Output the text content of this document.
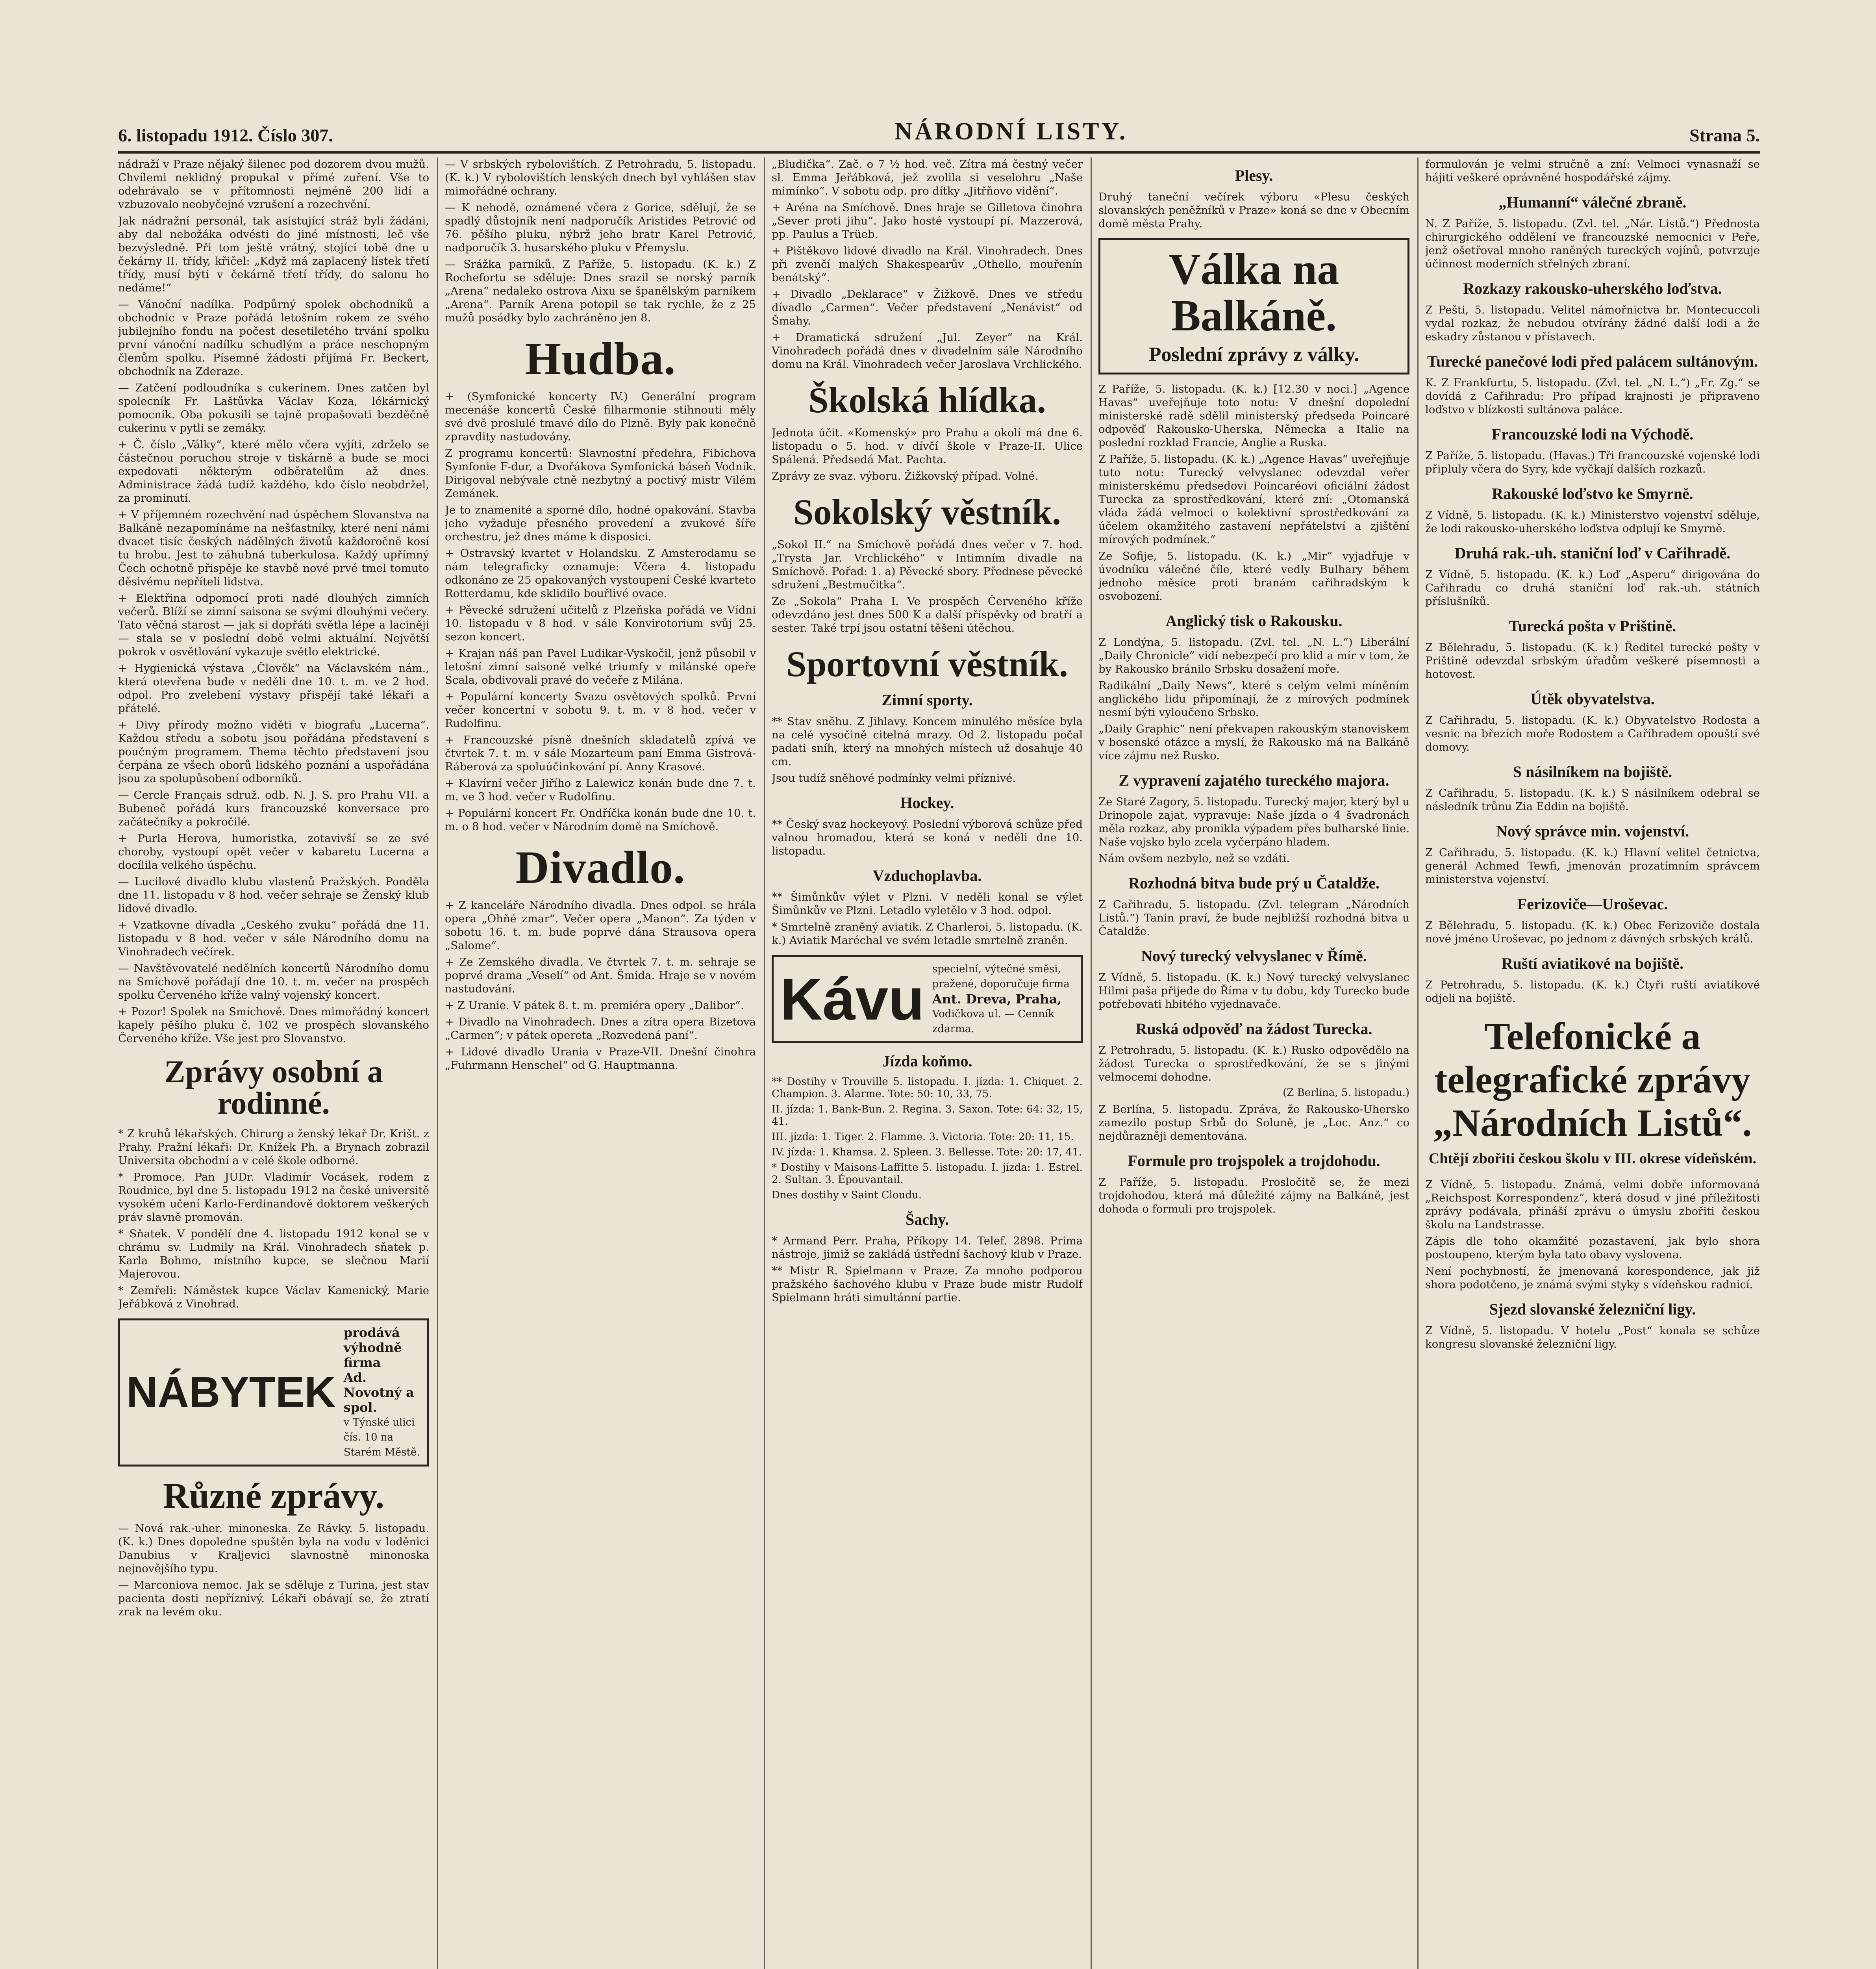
6. listopadu 1912. Číslo 307.	NÁRODNÍ LISTY.	Strana 5.

nádraží v Praze nějaký šilenec pod dozorem dvou mužů. Chvílemi neklidný propukal v přímé zuření. Vše to odehrávalo se v přítomnosti nejméně 200 lidí a vzbuzovalo neobyčejné vzrušení a rozechvění.

Jak nádražní personál, tak asistující stráž byli žádáni, aby dal nebožáka odvésti do jiné místnosti, leč vše bezvýsledně. Při tom ještě vrátný, stojící tobě dne u čekárny II. třídy, křičel: „Když má zaplacený lístek třetí třídy, musí býti v čekárně třetí třídy, do salonu ho nedáme!“

— Vánoční nadílka. Podpůrný spolek obchodníků a obchodnic v Praze pořádá letošním rokem ze svého jubilejního fondu na počest desetiletého trvání spolku první vánoční nadílku schudlým a práce neschopným členům spolku. Písemné žádosti přijímá Fr. Beckert, obchodník na Zderaze.

— Zatčení podloudníka s cukerinem. Dnes zatčen byl spolecník Fr. Laštůvka Václav Koza, lékárnický pomocník. Oba pokusili se tajně propašovati bezděčně cukerinu v pytli se zemáky.

+ Č. číslo „Války“, které mělo včera vyjíti, zdrželo se částečnou poruchou stroje v tiskárně a bude se moci expedovati některým odběratelům až dnes. Administrace žádá tudíž každého, kdo číslo neobdržel, za prominutí.

+ V příjemném rozechvění nad úspěchem Slovanstva na Balkáně nezapomínáme na nešťastníky, které není námi dvacet tisíc českých nádělných životů každoročně kosí tu hrobu. Jest to záhubná tuberkulosa. Každý upřímný Čech ochotně přispěje ke stavbě nové prvé tmel tomuto děsivému nepříteli lidstva.

+ Elektřina odpomocí proti nadé dlouhých zimních večerů. Blíží se zimní saisona se svými dlouhými večery. Tato věčná starost — jak si dopřáti světla lépe a laciněji — stala se v poslední době velmi aktuální. Největší pokrok v osvětlování vykazuje světlo elektrické.

+ Hygienická výstava „Člověk“ na Václavském nám., která otevřena bude v neděli dne 10. t. m. ve 2 hod. odpol. Pro zvelebení výstavy přispějí také lékaři a přátelé.

+ Divy přírody možno viděti v biografu „Lucerna“. Každou středu a sobotu jsou pořádána představení s poučným programem. Thema těchto představení jsou čerpána ze všech oborů lidského poznání a uspořádána jsou za spolupůsobení odborníků.

— Cercle Français sdruž. odb. N. J. S. pro Prahu VII. a Bubeneč pořádá kurs francouzské konversace pro začátečníky a pokročilé.

+ Purla Herova, humoristka, zotavivší se ze své choroby, vystoupí opět večer v kabaretu Lucerna a docílila velkého úspěchu.

— Lucilové divadlo klubu vlastenů Pražských. Ponděla dne 11. listopadu v 8 hod. večer sehraje se Ženský klub lidové divadlo.

+ Vzatkovne dívadla „Ceského zvuku“ pořádá dne 11. listopadu v 8 hod. večer v sále Národního domu na Vinohradech večírek.

— Navštěvovatelé nedělních koncertů Národního domu na Smíchově pořádají dne 10. t. m. večer na prospěch spolku Červeného kříže valný vojenský koncert.

+ Pozor! Spolek na Smíchově. Dnes mimořádný koncert kapely pěšího pluku č. 102 ve prospěch slovanského Červeného kříže. Vše jest pro Slovanstvo.

Zprávy osobní a rodinné.

* Z kruhů lékařských. Chirurg a ženský lékař Dr. Krišt. z Prahy. Pražní lékaři: Dr. Knížek Ph. a Brynach zobrazil Universita obchodní a v celé škole odborné.

* Promoce. Pan JUDr. Vladimír Vocásek, rodem z Roudnice, byl dne 5. listopadu 1912 na české universitě vysokém učení Karlo-Ferdinandově doktorem veškerých práv slavně promován.

* Sňatek. V pondělí dne 4. listopadu 1912 konal se v chrámu sv. Ludmily na Král. Vinohradech sňatek p. Karla Bohmo, místního kupce, se slečnou Marií Majerovou.

* Zemřeli: Náměstek kupce Václav Kamenický, Marie Jeřábková z Vinohrad.

NÁBYTEK
prodává výhodně firma
Ad. Novotný a spol.
v Týnské ulici čís. 10 na Starém Městě.
Různé zprávy.

— Nová rak.-uher. minoneska. Ze Rávky. 5. listopadu. (K. k.) Dnes dopoledne spuštěn byla na vodu v loděnici Danubius v Kraljevici slavnostně minonoska nejnovějšího typu.

— Marconiova nemoc. Jak se sděluje z Turina, jest stav pacienta dosti nepříznivý. Lékaři obávají se, že ztratí zrak na levém oku.

— V srbských rybolovištích. Z Petrohradu, 5. listopadu. (K. k.) V rybolovištích lenských dnech byl vyhlášen stav mimořádné ochrany.

— K nehodě, oznámené včera z Gorice, sdělují, že se spadlý důstojník není nadporučík Aristides Petrović od 76. pěšího pluku, nýbrž jeho bratr Karel Petrović, nadporučík 3. husarského pluku v Přemyslu.

— Srážka parníků. Z Paříže, 5. listopadu. (K. k.) Z Rochefortu se sděluje: Dnes srazil se norský parník „Arena“ nedaleko ostrova Aixu se španělským parníkem „Arena“. Parník Arena potopil se tak rychle, že z 25 mužů posádky bylo zachráněno jen 8.

Hudba.

+ (Symfonické koncerty IV.) Generální program mecenáše koncertů České filharmonie stihnouti měly své dvě proslulé tmavé dílo do Plzně. Byly pak konečně zpravdity nastudovány.

Z programu koncertů: Slavnostní předehra, Fibichova Symfonie F-dur, a Dvořákova Symfonická báseň Vodník. Dirigoval nebývale ctně nezbytný a poctivý mistr Vilém Zemánek.

Je to znamenité a sporné dílo, hodné opakování. Stavba jeho vyžaduje přesného provedení a zvukové šíře orchestru, jež dnes máme k disposici.

+ Ostravský kvartet v Holandsku. Z Amsterodamu se nám telegraficky oznamuje: Včera 4. listopadu odkonáno ze 25 opakovaných vystoupení České kvarteto Rotterdamu, kde sklidilo bouřlivé ovace.

+ Pěvecké sdružení učitelů z Plzeňska pořádá ve Vídni 10. listopadu v 8 hod. v sále Konvirotorium svůj 25. sezon koncert.

+ Krajan náš pan Pavel Ludikar-Vyskočil, jenž působil v letošní zimní saisoně velké triumfy v milánské opeře Scala, obdivovali pravé do večeře z Milána.

+ Populární koncerty Svazu osvětových spolků. První večer koncertní v sobotu 9. t. m. v 8 hod. večer v Rudolfinu.

+ Francouzské písně dnešních skladatelů zpívá ve čtvrtek 7. t. m. v sále Mozarteum paní Emma Gistrová-Ráberová za spoluúčinkování pí. Anny Krasové.

+ Klavírní večer Jiřího z Lalewicz konán bude dne 7. t. m. ve 3 hod. večer v Rudolfinu.

+ Populární koncert Fr. Ondříčka konán bude dne 10. t. m. o 8 hod. večer v Národním domě na Smíchově.

Divadlo.

+ Z kanceláře Národního divadla. Dnes odpol. se hrála opera „Ohňé zmar“. Večer opera „Manon“. Za týden v sobotu 16. t. m. bude poprvé dána Strausova opera „Salome“.

+ Ze Zemského divadla. Ve čtvrtek 7. t. m. sehraje se poprvé drama „Veselí“ od Ant. Šmida. Hraje se v novém nastudování.

+ Z Uranie. V pátek 8. t. m. premiéra opery „Dalibor“.

+ Divadlo na Vinohradech. Dnes a zítra opera Bizetova „Carmen“; v pátek opereta „Rozvedená paní“.

+ Lidové divadlo Urania v Praze-VII. Dnešní činohra „Fuhrmann Henschel“ od G. Hauptmanna.

„Bludička“. Zač. o 7 ½ hod. več. Zítra má čestný večer sl. Emma Jeřábková, jež zvolila si veselohru „Naše mimínko“. V sobotu odp. pro dítky „Jitřňovo vidění“.

+ Aréna na Smíchově. Dnes hraje se Gilletova činohra „Sever proti jihu“. Jako hosté vystoupí pí. Mazzerová, pp. Paulus a Trüeb.

+ Pištěkovo lidové divadlo na Král. Vinohradech. Dnes při zvenčí malých Shakespearův „Othello, mouřenín benátský“.

+ Divadlo „Deklarace“ v Žižkově. Dnes ve středu dívadlo „Carmen“. Večer představení „Nenávist“ od Šmahy.

+ Dramatická sdružení „Jul. Zeyer“ na Král. Vinohradech pořádá dnes v divadelním sále Národního domu na Král. Vinohradech večer Jaroslava Vrchlického.

Školská hlídka.

Jednota účit. «Komenský» pro Prahu a okolí má dne 6. listopadu o 5. hod. v dívčí škole v Praze-II. Ulice Spálená. Předsedá Mat. Pachta.

Zprávy ze svaz. výboru. Žižkovský případ. Volné.

Sokolský věstník.

„Sokol II.“ na Smíchově pořádá dnes večer v 7. hod. „Trysta Jar. Vrchlického“ v Intimním divadle na Smíchově. Pořad: 1. a) Pěvecké sbory. Přednese pěvecké sdružení „Bestmučitka“.

Ze „Sokola“ Praha I. Ve prospěch Červeného kříže odevzdáno jest dnes 500 K a další příspěvky od bratří a sester. Také trpí jsou ostatní těšeni útěchou.

Sportovní věstník.
Zimní sporty.

** Stav sněhu. Z Jihlavy. Koncem minulého měsíce byla na celé vysočině citelná mrazy. Od 2. listopadu počal padati sníh, který na mnohých místech už dosahuje 40 cm.

Jsou tudíž sněhové podmínky velmi příznivé.

Hockey.

** Český svaz hockeyový. Poslední výborová schůze před valnou hromadou, která se koná v neděli dne 10. listopadu.

Vzduchoplavba.

** Šimůnkův výlet v Plzni. V neděli konal se výlet Šimůnkův ve Plzni. Letadlo vyletělo v 3 hod. odpol.

* Smrtelně zraněný aviatik. Z Charleroi, 5. listopadu. (K. k.) Aviatik Maréchal ve svém letadle smrtelně zraněn.

Kávu specielní, výtečné směsi, pražené, doporučuje firma
Ant. Dreva, Praha,
Vodičkova ul. — Cenník zdarma.
Jízda koňmo.

** Dostihy v Trouville 5. listopadu. I. jízda: 1. Chiquet. 2. Champion. 3. Alarme. Tote: 50: 10, 33, 75.

II. jízda: 1. Bank-Bun. 2. Regina. 3. Saxon. Tote: 64: 32, 15, 41.

III. jízda: 1. Tiger. 2. Flamme. 3. Victoria. Tote: 20: 11, 15.

IV. jízda: 1. Khamsa. 2. Spleen. 3. Bellesse. Tote: 20: 17, 41.

* Dostihy v Maisons-Laffitte 5. listopadu. I. jízda: 1. Estrel. 2. Sultan. 3. Épouvantail.

Dnes dostihy v Saint Cloudu.

Šachy.

* Armand Perr. Praha, Příkopy 14. Telef. 2898. Prima nástroje, jimiž se zakládá ústřední šachový klub v Praze.

** Mistr R. Spielmann v Praze. Za mnoho podporou pražského šachového klubu v Praze bude mistr Rudolf Spielmann hráti simultánní partie.

Plesy.

Druhý taneční večírek výboru «Plesu českých slovanských peněžníků v Praze» koná se dne v Obecním domě města Prahy.

Válka na Balkáně.
Poslední zprávy z války.

Z Paříže, 5. listopadu. (K. k.) [12.30 v noci.] „Agence Havas“ uveřejňuje toto notu: V dnešní dopolední ministerské radě sdělil ministerský předseda Poincaré odpověď Rakousko-Uherska, Německa a Italie na poslední rozklad Francie, Anglie a Ruska.

Z Paříže, 5. listopadu. (K. k.) „Agence Havas“ uveřejňuje tuto notu: Turecký velvyslanec odevzdal veřer ministerskému předsedovi Poincaréovi oficiální žádost Turecka za sprostředkování, které zní: „Otomanská vláda žádá velmoci o kolektivní sprostředkování za účelem okamžitého zastavení nepřátelství a zjištění mírových podmínek.“

Ze Sofije, 5. listopadu. (K. k.) „Mir“ vyjadřuje v úvodníku válečné číle, které vedly Bulhary během jednoho měsíce proti branám cařihradským k osvobození.

Anglický tisk o Rakousku.

Z Londýna, 5. listopadu. (Zvl. tel. „N. L.“) Liberální „Daily Chronicle“ vidí nebezpečí pro klid a mír v tom, že by Rakousko bránilo Srbsku dosažení moře.

Radikální „Daily News“, které s celým velmi míněním anglického lidu připomínají, že z mírových podmínek nesmí býti vyloučeno Srbsko.

„Daily Graphic“ není překvapen rakouským stanoviskem v bosenské otázce a myslí, že Rakousko má na Balkáně více zájmu než Rusko.

Z vypravení zajatého tureckého majora.

Ze Staré Zagory, 5. listopadu. Turecký major, který byl u Drinopole zajat, vypravuje: Naše jízda o 4 švadronách měla rozkaz, aby pronikla výpadem přes bulharské linie. Naše vojsko bylo zcela vyčerpáno hladem.

Nám ovšem nezbylo, než se vzdáti.

Rozhodná bitva bude prý u Čataldže.

Z Cařihradu, 5. listopadu. (Zvl. telegram „Národních Listů.“) Tanin praví, že bude nejbližší rozhodná bitva u Čataldže.

Nový turecký velvyslanec v Římě.

Z Vídně, 5. listopadu. (K. k.) Nový turecký velvyslanec Hilmi paša přijede do Říma v tu dobu, kdy Turecko bude potřebovati hbitého vyjednavače.

Ruská odpověď na žádost Turecka.

Z Petrohradu, 5. listopadu. (K. k.) Rusko odpovědělo na žádost Turecka o sprostředkování, že se s jinými velmocemi dohodne.

(Z Berlína, 5. listopadu.)

Z Berlína, 5. listopadu. Zpráva, že Rakousko-Uhersko zamezilo postup Srbů do Soluně, je „Loc. Anz.“ co nejdůrazněji dementována.

Formule pro trojspolek a trojdohodu.

Z Paříže, 5. listopadu. Prosločitě se, že mezi trojdohodou, která má důležité zájmy na Balkáně, jest dohoda o formuli pro trojspolek.

formulován je velmi stručně a zní: Velmoci vynasnaží se hájiti veškeré oprávněné hospodářské zájmy.

„Humanní“ válečné zbraně.

N. Z Paříže, 5. listopadu. (Zvl. tel. „Nár. Listů.“) Přednosta chirurgického oddělení ve francouzské nemocnici v Peře, jenž ošetřoval mnoho raněných tureckých vojínů, potvrzuje účinnost moderních střelných zbraní.

Rozkazy rakousko-uherského loďstva.

Z Pešti, 5. listopadu. Velitel námořnictva br. Montecuccoli vydal rozkaz, že nebudou otvírány žádné další lodi a že eskadry zůstanou v přístavech.

Turecké panečové lodi před palácem sultánovým.

K. Z Frankfurtu, 5. listopadu. (Zvl. tel. „N. L.“) „Fr. Zg.“ se dovídá z Cařihradu: Pro případ krajnosti je připraveno loďstvo v blízkosti sultánova paláce.

Francouzské lodi na Východě.

Z Paříže, 5. listopadu. (Havas.) Tři francouzské vojenské lodi připluly včera do Syry, kde vyčkají dalších rozkazů.

Rakouské loďstvo ke Smyrně.

Z Vídně, 5. listopadu. (K. k.) Ministerstvo vojenství sděluje, že lodi rakousko-uherského loďstva odplují ke Smyrně.

Druhá rak.-uh. staniční loď v Cařihradě.

Z Vídně, 5. listopadu. (K. k.) Loď „Asperu“ dirigována do Cařihradu co druhá staniční loď rak.-uh. státních příslušníků.

Turecká pošta v Prištině.

Z Bělehradu, 5. listopadu. (K. k.) Ředitel turecké pošty v Prištině odevzdal srbským úřadům veškeré písemnosti a hotovost.

Útěk obyvatelstva.

Z Cařihradu, 5. listopadu. (K. k.) Obyvatelstvo Rodosta a vesnic na březích moře Rodostem a Cařihradem opouští své domovy.

S násilníkem na bojiště.

Z Cařihradu, 5. listopadu. (K. k.) S násilníkem odebral se následník trůnu Zia Eddin na bojiště.

Nový správce min. vojenství.

Z Cařihradu, 5. listopadu. (K. k.) Hlavní velitel četnictva, generál Achmed Tewfi, jmenován prozatímním správcem ministerstva vojenství.

Ferizoviče—Uroševac.

Z Bělehradu, 5. listopadu. (K. k.) Obec Ferizoviče dostala nové jméno Uroševac, po jednom z dávných srbských králů.

Ruští aviatikové na bojiště.

Z Petrohradu, 5. listopadu. (K. k.) Čtyři ruští aviatikové odjeli na bojiště.

Telefonické a telegrafické zprávy „Národních Listů“.
Chtějí zbořiti českou školu v III. okrese vídeňském.

Z Vídně, 5. listopadu. Známá, velmi dobře informovaná „Reichspost Korrespondenz“, která dosud v jiné příležitosti zprávy podávala, přináší zprávu o úmyslu zbořiti českou školu na Landstrasse.

Zápis dle toho okamžité pozastavení, jak bylo shora postoupeno, kterým byla tato obavy vyslovena.

Není pochybností, že jmenovaná korespondence, jak již shora podotčeno, je známá svými styky s vídeňskou radnicí.

Sjezd slovanské železniční ligy.

Z Vídně, 5. listopadu. V hotelu „Post“ konala se schůze kongresu slovanské železniční ligy.
